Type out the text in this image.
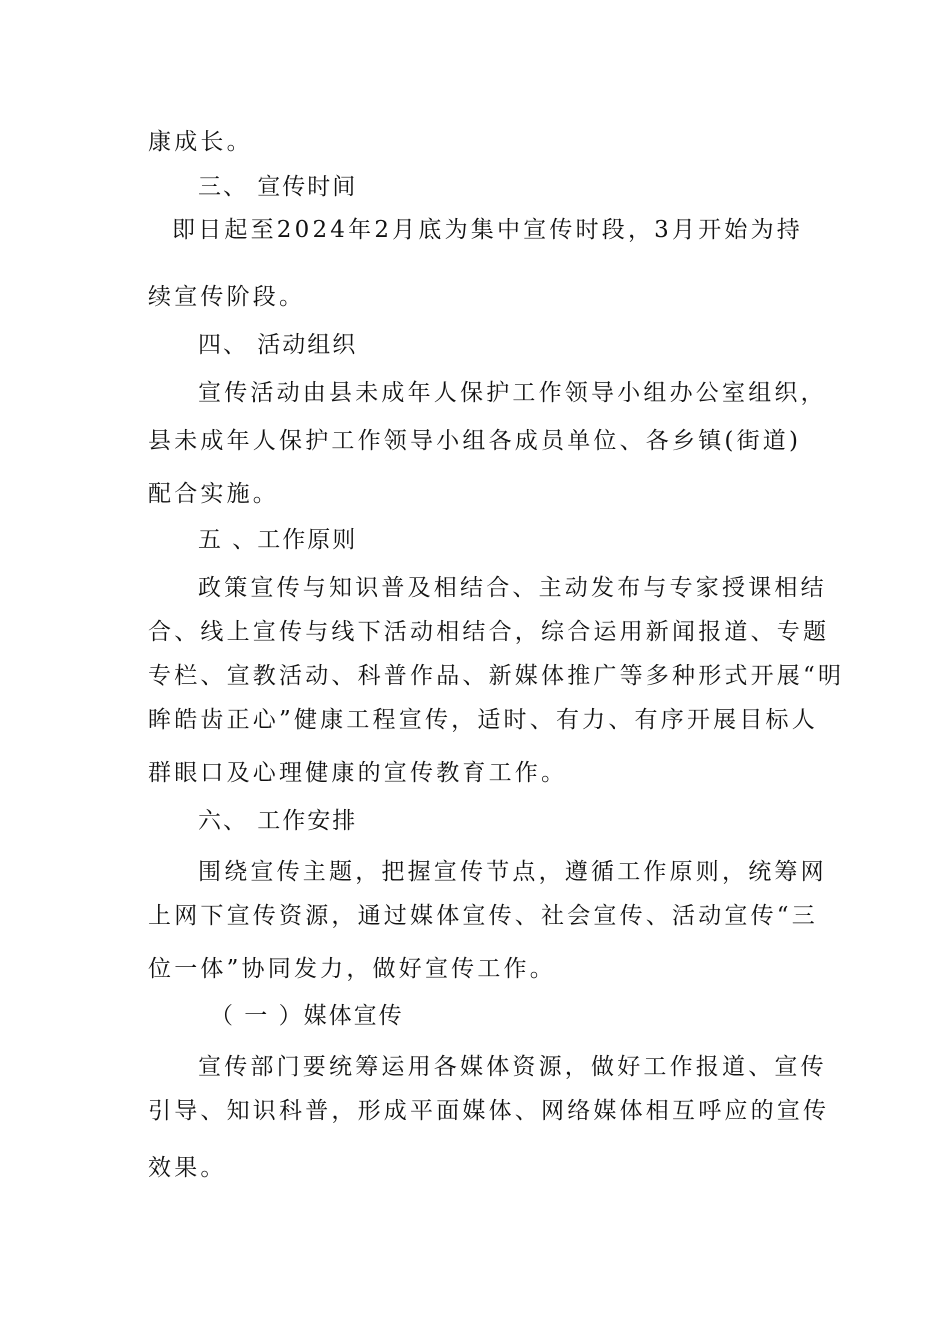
康成长。
三、 宣传时间
即日起至2024年2月底为集中宣传时段，3月开始为持
续宣传阶段。
四、 活动组织
宣传活动由县未成年人保护工作领导小组办公室组织，
县未成年人保护工作领导小组各成员单位、各乡镇(街道)
配合实施。
五 、工作原则
政策宣传与知识普及相结合、主动发布与专家授课相结
合、线上宣传与线下活动相结合，综合运用新闻报道、专题
专栏、宣教活动、科普作品、新媒体推广等多种形式开展“明
眸皓齿正心”健康工程宣传，适时、有力、有序开展目标人
群眼口及心理健康的宣传教育工作。
六、 工作安排
围绕宣传主题，把握宣传节点，遵循工作原则，统筹网
上网下宣传资源，通过媒体宣传、社会宣传、活动宣传“三
位一体”协同发力，做好宣传工作。
（ 一 ）媒体宣传
宣传部门要统筹运用各媒体资源，做好工作报道、宣传
引导、知识科普，形成平面媒体、网络媒体相互呼应的宣传
效果。
